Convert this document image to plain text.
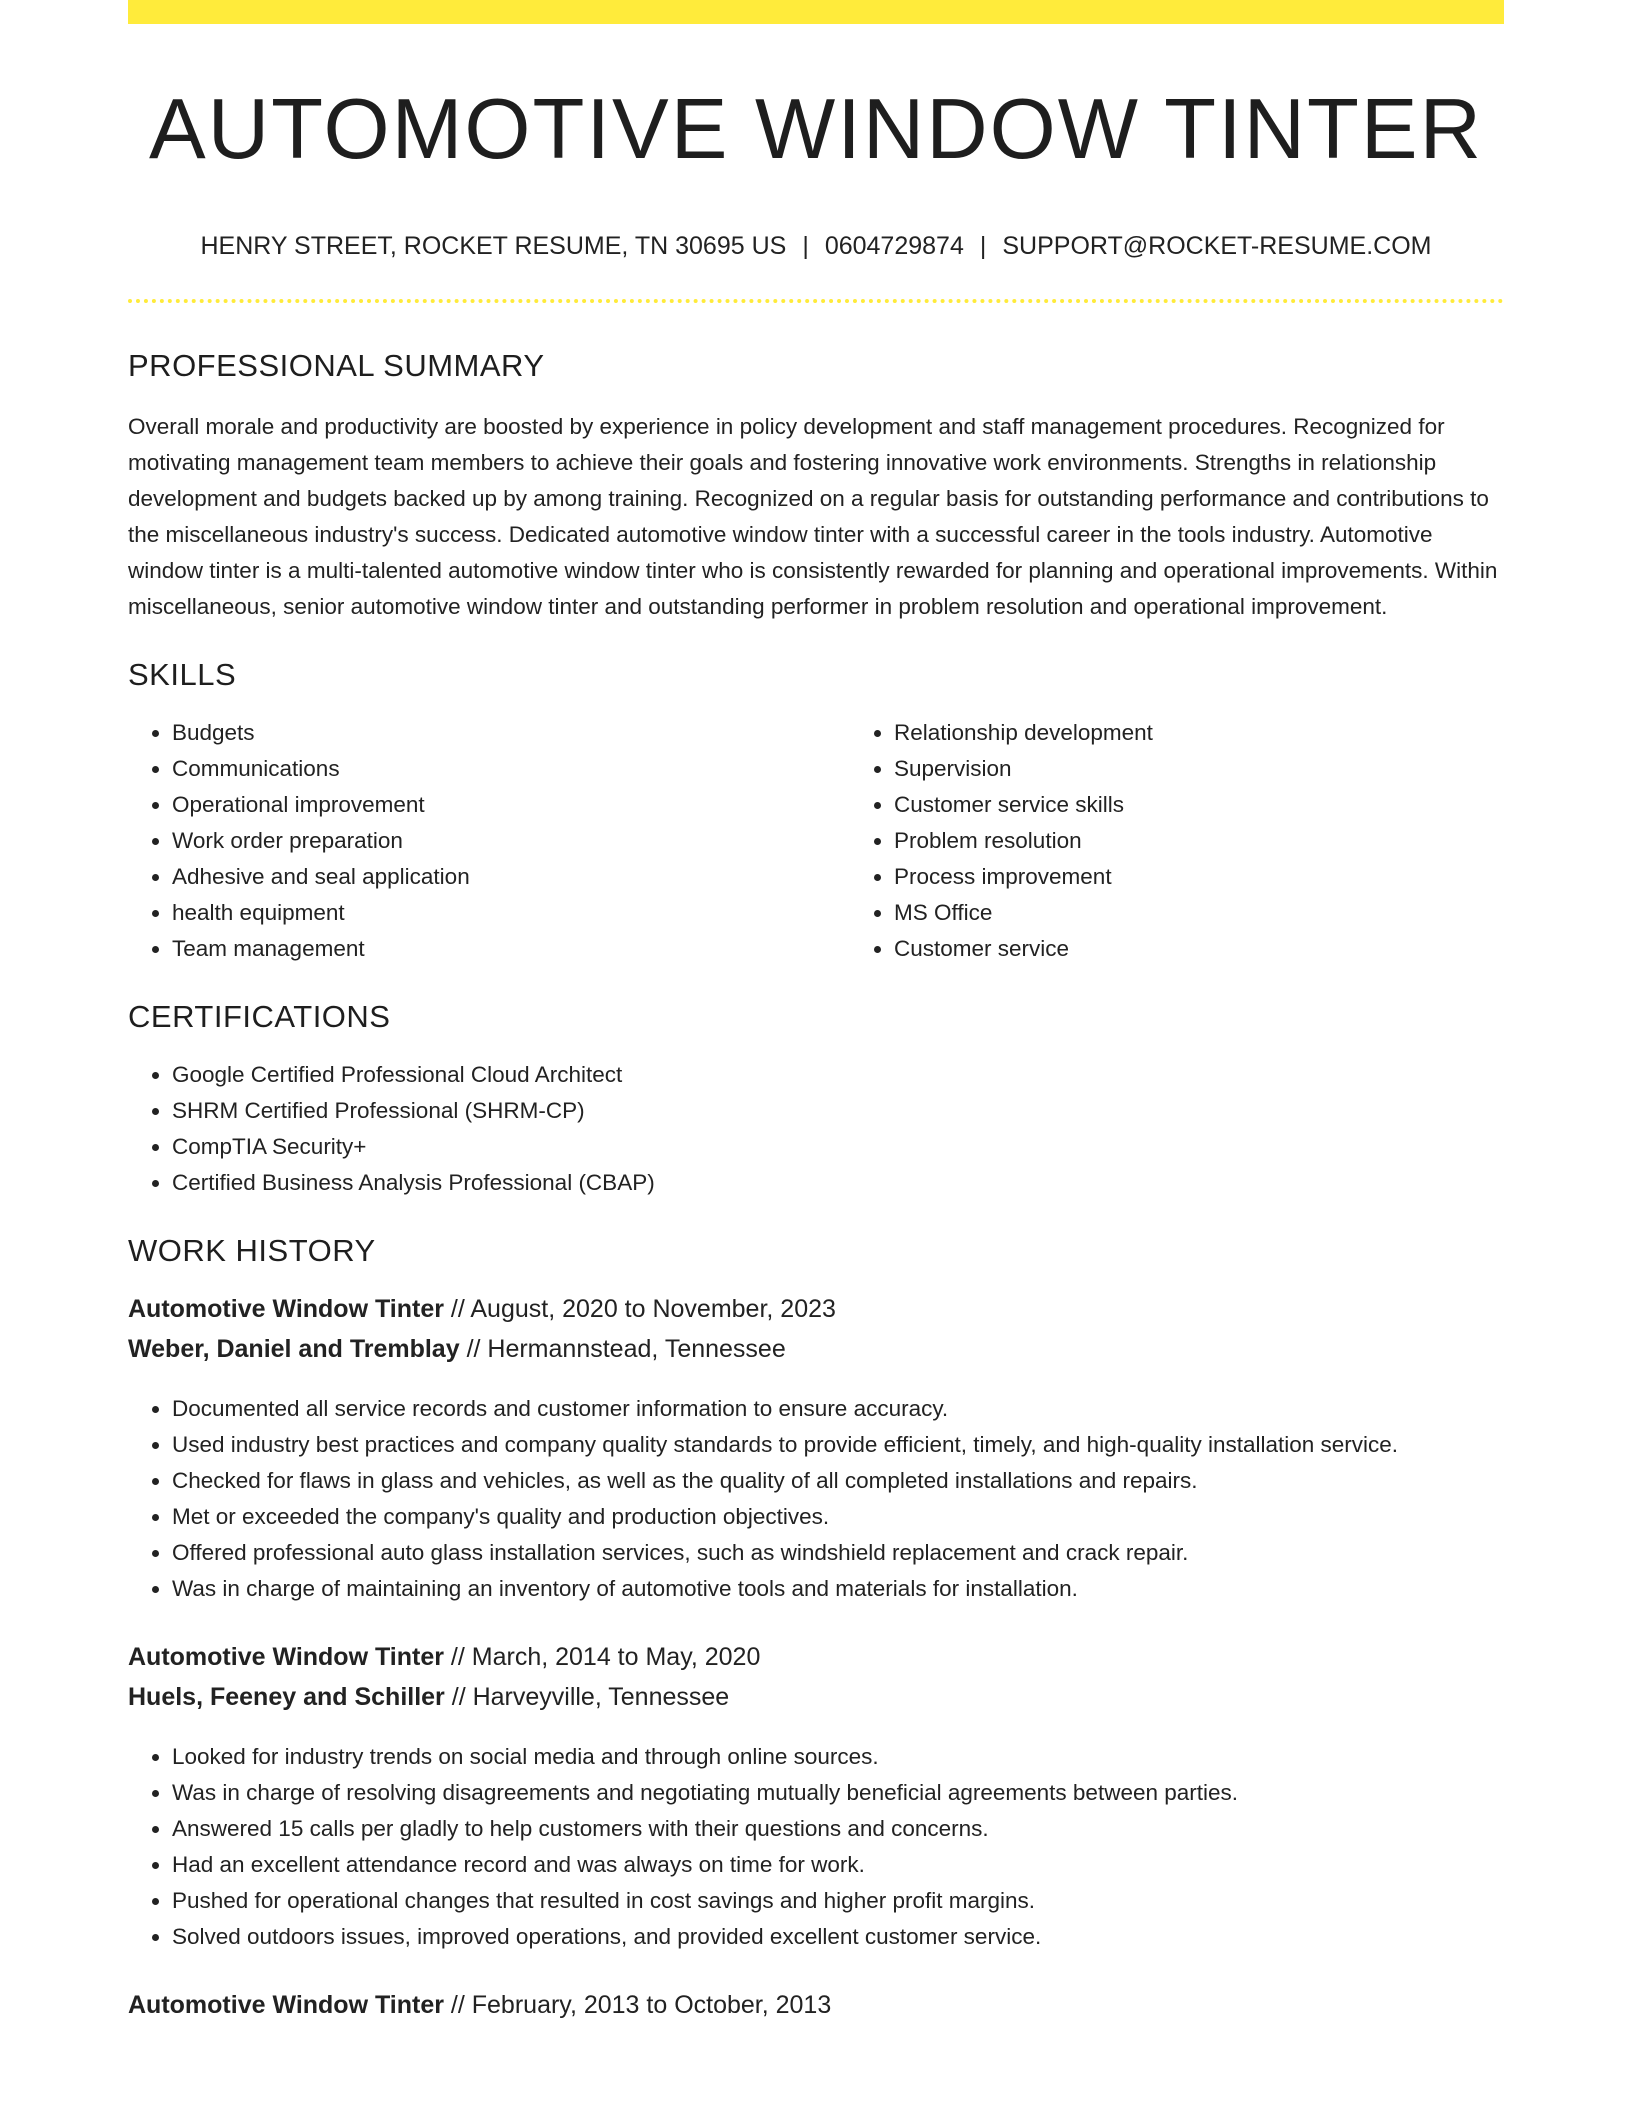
AUTOMOTIVE WINDOW TINTER
HENRY STREET, ROCKET RESUME, TN 30695 US | 0604729874 | SUPPORT@ROCKET-RESUME.COM
PROFESSIONAL SUMMARY
Overall morale and productivity are boosted by experience in policy development and staff management procedures. Recognized for motivating management team members to achieve their goals and fostering innovative work environments. Strengths in relationship development and budgets backed up by among training. Recognized on a regular basis for outstanding performance and contributions to the miscellaneous industry's success. Dedicated automotive window tinter with a successful career in the tools industry. Automotive window tinter is a multi-talented automotive window tinter who is consistently rewarded for planning and operational improvements. Within miscellaneous, senior automotive window tinter and outstanding performer in problem resolution and operational improvement.
SKILLS
• Budgets
• Communications
• Operational improvement
• Work order preparation
• Adhesive and seal application
• health equipment
• Team management
• Relationship development
• Supervision
• Customer service skills
• Problem resolution
• Process improvement
• MS Office
• Customer service
CERTIFICATIONS
• Google Certified Professional Cloud Architect
• SHRM Certified Professional (SHRM-CP)
• CompTIA Security+
• Certified Business Analysis Professional (CBAP)
WORK HISTORY
Automotive Window Tinter // August, 2020 to November, 2023
Weber, Daniel and Tremblay // Hermannstead, Tennessee
• Documented all service records and customer information to ensure accuracy.
• Used industry best practices and company quality standards to provide efficient, timely, and high-quality installation service.
• Checked for flaws in glass and vehicles, as well as the quality of all completed installations and repairs.
• Met or exceeded the company's quality and production objectives.
• Offered professional auto glass installation services, such as windshield replacement and crack repair.
• Was in charge of maintaining an inventory of automotive tools and materials for installation.
Automotive Window Tinter // March, 2014 to May, 2020
Huels, Feeney and Schiller // Harveyville, Tennessee
• Looked for industry trends on social media and through online sources.
• Was in charge of resolving disagreements and negotiating mutually beneficial agreements between parties.
• Answered 15 calls per gladly to help customers with their questions and concerns.
• Had an excellent attendance record and was always on time for work.
• Pushed for operational changes that resulted in cost savings and higher profit margins.
• Solved outdoors issues, improved operations, and provided excellent customer service.
Automotive Window Tinter // February, 2013 to October, 2013
